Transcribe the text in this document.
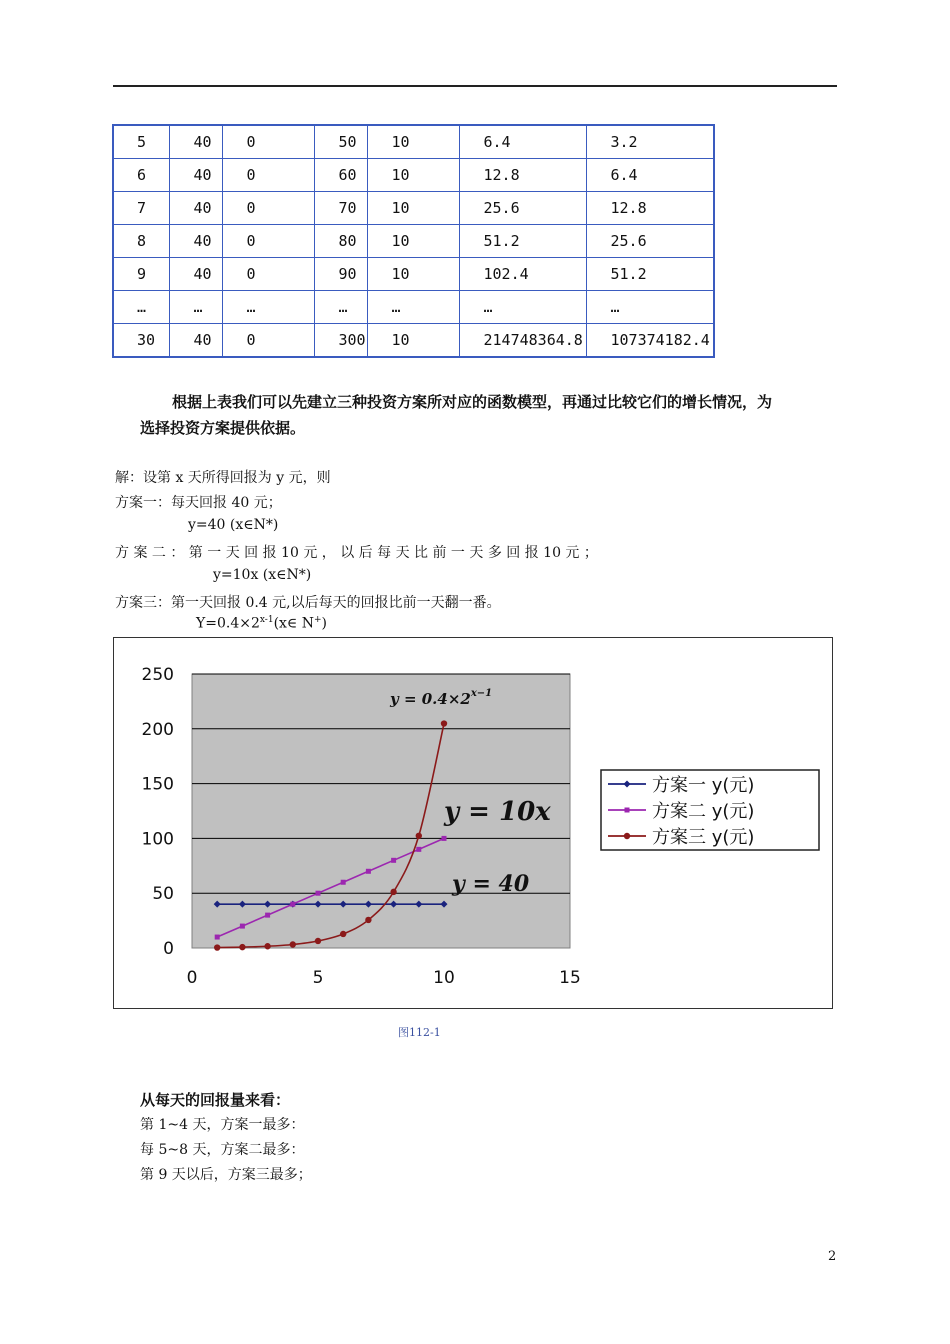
5	40	0	50	10	6.4	3.2
6	40	0	60	10	12.8	6.4
7	40	0	70	10	25.6	12.8
8	40	0	80	10	51.2	25.6
9	40	0	90	10	102.4	51.2
…	…	…	…	…	…	…
30	40	0	300	10	214748364.8	107374182.4
根据上表我们可以先建立三种投资方案所对应的函数模型，再通过比较它们的增长情况，为
选择投资方案提供依据。
解：设第 x 天所得回报为 y 元，则
方案一：每天回报 40 元；
y=40 (x∈N*)
方 案 二 ： 第 一 天 回 报 10 元 ， 以 后 每 天 比 前 一 天 多 回 报 10 元 ；
y=10x (x∈N*)
方案三：第一天回报 0.4 元,以后每天的回报比前一天翻一番。
$Y=0.4\times 2^{x-1}(x\in$ N+)
0
50
100
150
200
250
0	5	10	15
$y = 0.4\times 2^{x-1}$
y = 10x
y = 40
方案一 y(元)
方案二 y(元)
方案三 y(元)
图112-1
从每天的回报量来看：
第 1~4 天，方案一最多：
每 5~8 天，方案二最多：
第 9 天以后，方案三最多；
2
